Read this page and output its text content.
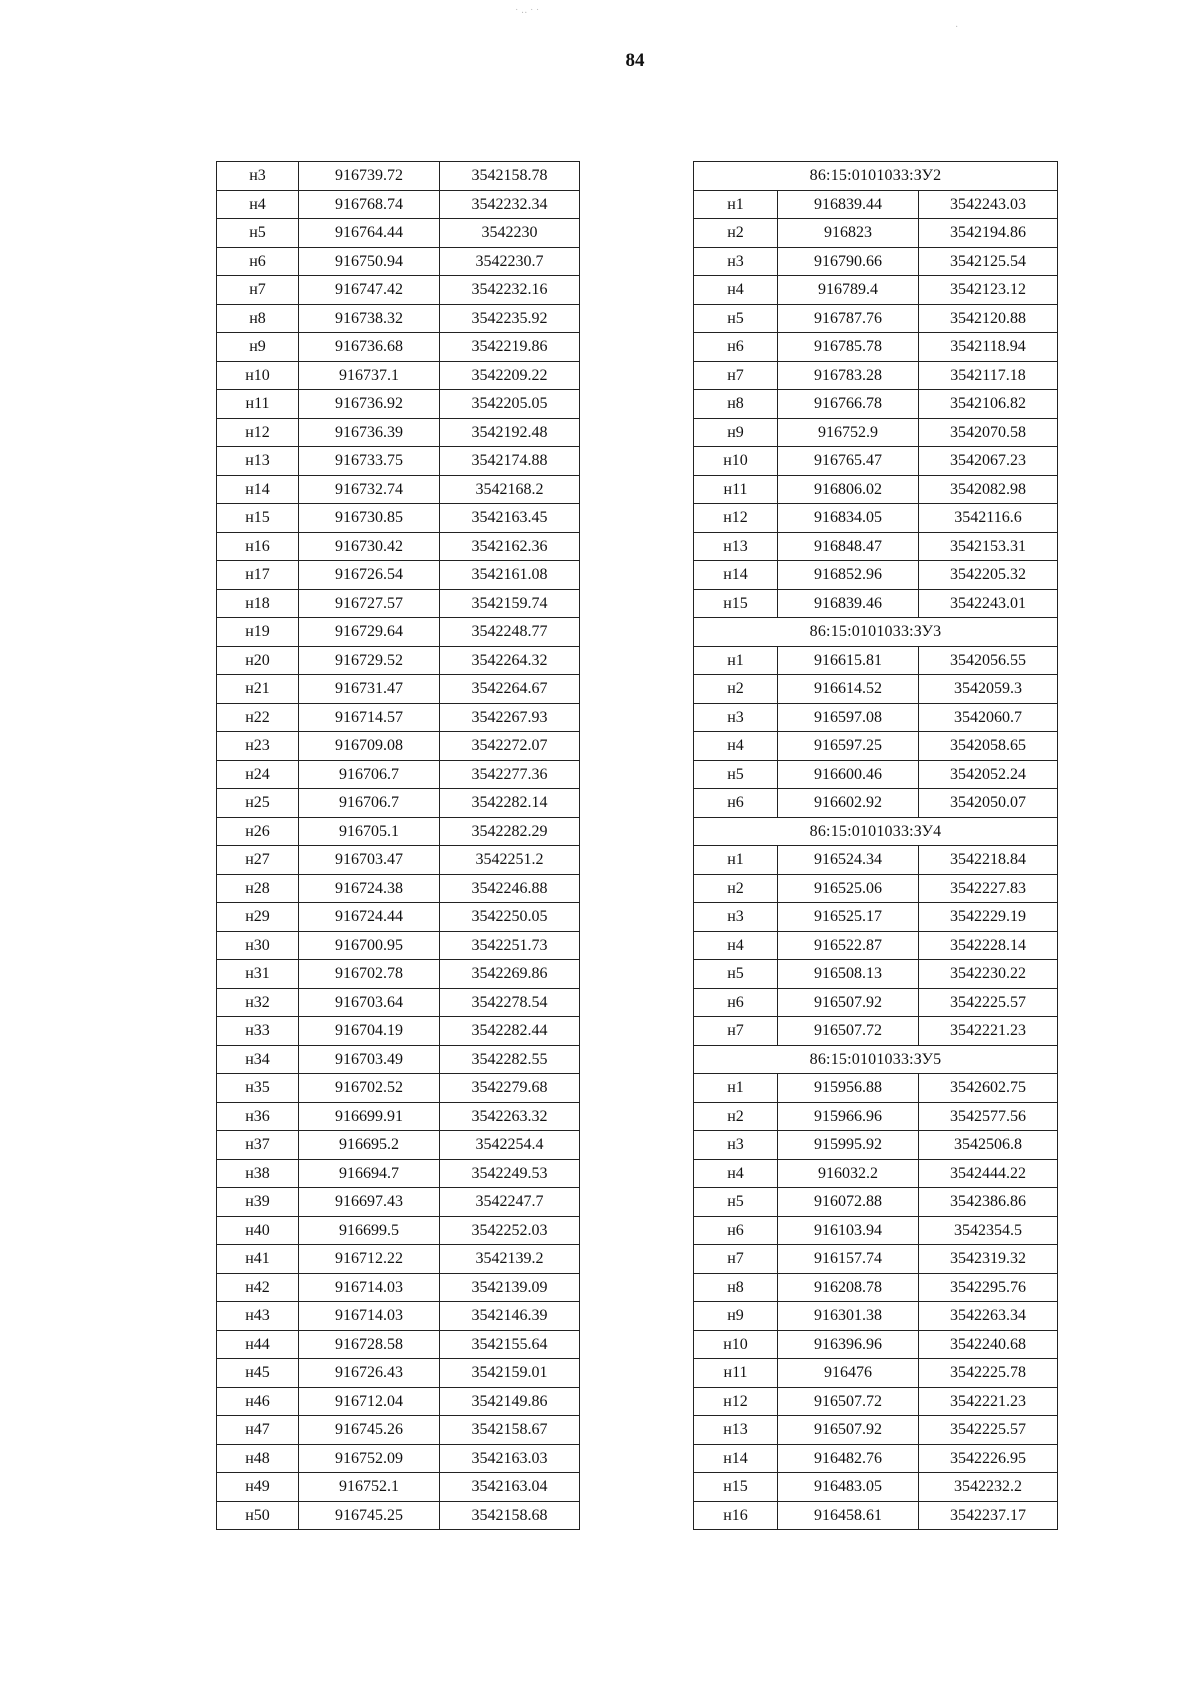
84
˙ ·· ˙ ˙
·
н3	916739.72	3542158.78
н4	916768.74	3542232.34
н5	916764.44	3542230
н6	916750.94	3542230.7
н7	916747.42	3542232.16
н8	916738.32	3542235.92
н9	916736.68	3542219.86
н10	916737.1	3542209.22
н11	916736.92	3542205.05
н12	916736.39	3542192.48
н13	916733.75	3542174.88
н14	916732.74	3542168.2
н15	916730.85	3542163.45
н16	916730.42	3542162.36
н17	916726.54	3542161.08
н18	916727.57	3542159.74
н19	916729.64	3542248.77
н20	916729.52	3542264.32
н21	916731.47	3542264.67
н22	916714.57	3542267.93
н23	916709.08	3542272.07
н24	916706.7	3542277.36
н25	916706.7	3542282.14
н26	916705.1	3542282.29
н27	916703.47	3542251.2
н28	916724.38	3542246.88
н29	916724.44	3542250.05
н30	916700.95	3542251.73
н31	916702.78	3542269.86
н32	916703.64	3542278.54
н33	916704.19	3542282.44
н34	916703.49	3542282.55
н35	916702.52	3542279.68
н36	916699.91	3542263.32
н37	916695.2	3542254.4
н38	916694.7	3542249.53
н39	916697.43	3542247.7
н40	916699.5	3542252.03
н41	916712.22	3542139.2
н42	916714.03	3542139.09
н43	916714.03	3542146.39
н44	916728.58	3542155.64
н45	916726.43	3542159.01
н46	916712.04	3542149.86
н47	916745.26	3542158.67
н48	916752.09	3542163.03
н49	916752.1	3542163.04
н50	916745.25	3542158.68
86:15:0101033:ЗУ2		
н1	916839.44	3542243.03
н2	916823	3542194.86
н3	916790.66	3542125.54
н4	916789.4	3542123.12
н5	916787.76	3542120.88
н6	916785.78	3542118.94
н7	916783.28	3542117.18
н8	916766.78	3542106.82
н9	916752.9	3542070.58
н10	916765.47	3542067.23
н11	916806.02	3542082.98
н12	916834.05	3542116.6
н13	916848.47	3542153.31
н14	916852.96	3542205.32
н15	916839.46	3542243.01
86:15:0101033:ЗУ3		
н1	916615.81	3542056.55
н2	916614.52	3542059.3
н3	916597.08	3542060.7
н4	916597.25	3542058.65
н5	916600.46	3542052.24
н6	916602.92	3542050.07
86:15:0101033:ЗУ4		
н1	916524.34	3542218.84
н2	916525.06	3542227.83
н3	916525.17	3542229.19
н4	916522.87	3542228.14
н5	916508.13	3542230.22
н6	916507.92	3542225.57
н7	916507.72	3542221.23
86:15:0101033:ЗУ5		
н1	915956.88	3542602.75
н2	915966.96	3542577.56
н3	915995.92	3542506.8
н4	916032.2	3542444.22
н5	916072.88	3542386.86
н6	916103.94	3542354.5
н7	916157.74	3542319.32
н8	916208.78	3542295.76
н9	916301.38	3542263.34
н10	916396.96	3542240.68
н11	916476	3542225.78
н12	916507.72	3542221.23
н13	916507.92	3542225.57
н14	916482.76	3542226.95
н15	916483.05	3542232.2
н16	916458.61	3542237.17
